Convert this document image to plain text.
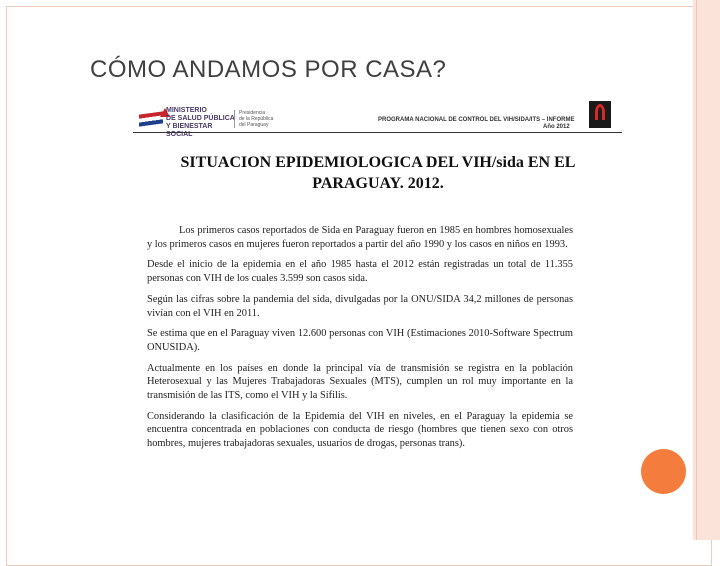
CÓMO ANDAMOS POR CASA?
MINISTERIO
DE SALUD PÚBLICA
Y BIENESTAR SOCIAL
Presidencia
de la República
del Paraguay
PROGRAMA NACIONAL DE CONTROL DEL VIH/SIDA/ITS – INFORME
Año 2012
SITUACION EPIDEMIOLOGICA DEL VIH/sida EN EL
PARAGUAY. 2012.

Los primeros casos reportados de Sida en Paraguay fueron en 1985 en hombres homosexuales y los primeros casos en mujeres fueron reportados a partir del año 1990 y los casos en niños en 1993.

Desde el inicio de la epidemia en el año 1985 hasta el 2012 están registradas un total de 11.355 personas con VIH de los cuales 3.599 son casos sida.

Según las cifras sobre la pandemia del sida, divulgadas por la ONU/SIDA 34,2 millones de personas vivían con el VIH en 2011.

Se estima que en el Paraguay viven 12.600 personas con VIH (Estimaciones 2010-Software Spectrum ONUSIDA).

Actualmente en los países en donde la principal vía de transmisión se registra en la población Heterosexual y las Mujeres Trabajadoras Sexuales (MTS), cumplen un rol muy importante en la transmisión de las ITS, como el VIH y la Sífilis.

Considerando la clasificación de la Epidemia del VIH en niveles, en el Paraguay la epidemia se encuentra concentrada en poblaciones con conducta de riesgo (hombres que tienen sexo con otros hombres, mujeres trabajadoras sexuales, usuarios de drogas, personas trans).
